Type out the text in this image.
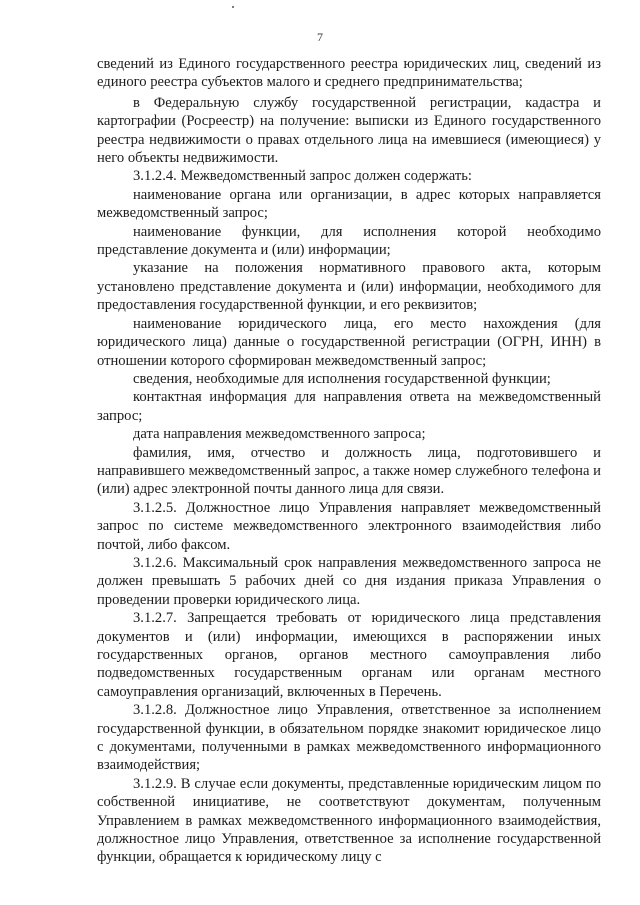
7

сведений из Единого государственного реестра юридических лиц, сведений из единого реестра субъектов малого и среднего предпринимательства;

в Федеральную службу государственной регистрации, кадастра и картографии (Росреестр) на получение: выписки из Единого государственного реестра недвижимости о правах отдельного лица на имевшиеся (имеющиеся) у него объекты недвижимости.

3.1.2.4. Межведомственный запрос должен содержать:

наименование органа или организации, в адрес которых направляется межведомственный запрос;

наименование функции, для исполнения которой необходимо представление документа и (или) информации;

указание на положения нормативного правового акта, которым установлено представление документа и (или) информации, необходимого для предоставления государственной функции, и его реквизитов;

наименование юридического лица, его место нахождения (для юридического лица) данные о государственной регистрации (ОГРН, ИНН) в отношении которого сформирован межведомственный запрос;

сведения, необходимые для исполнения государственной функции;

контактная информация для направления ответа на межведомственный запрос;

дата направления межведомственного запроса;

фамилия, имя, отчество и должность лица, подготовившего и направившего межведомственный запрос, а также номер служебного телефона и (или) адрес электронной почты данного лица для связи.

3.1.2.5. Должностное лицо Управления направляет межведомственный запрос по системе межведомственного электронного взаимодействия либо почтой, либо факсом.

3.1.2.6. Максимальный срок направления межведомственного запроса не должен превышать 5 рабочих дней со дня издания приказа Управления о проведении проверки юридического лица.

3.1.2.7. Запрещается требовать от юридического лица представления документов и (или) информации, имеющихся в распоряжении иных государственных органов, органов местного самоуправления либо подведомственных государственным органам или органам местного самоуправления организаций, включенных в Перечень.

3.1.2.8. Должностное лицо Управления, ответственное за исполнением государственной функции, в обязательном порядке знакомит юридическое лицо с документами, полученными в рамках межведомственного информационного взаимодействия;

3.1.2.9. В случае если документы, представленные юридическим лицом по собственной инициативе, не соответствуют документам, полученным Управлением в рамках межведомственного информационного взаимодействия, должностное лицо Управления, ответственное за исполнение государственной функции, обращается к юридическому лицу с
